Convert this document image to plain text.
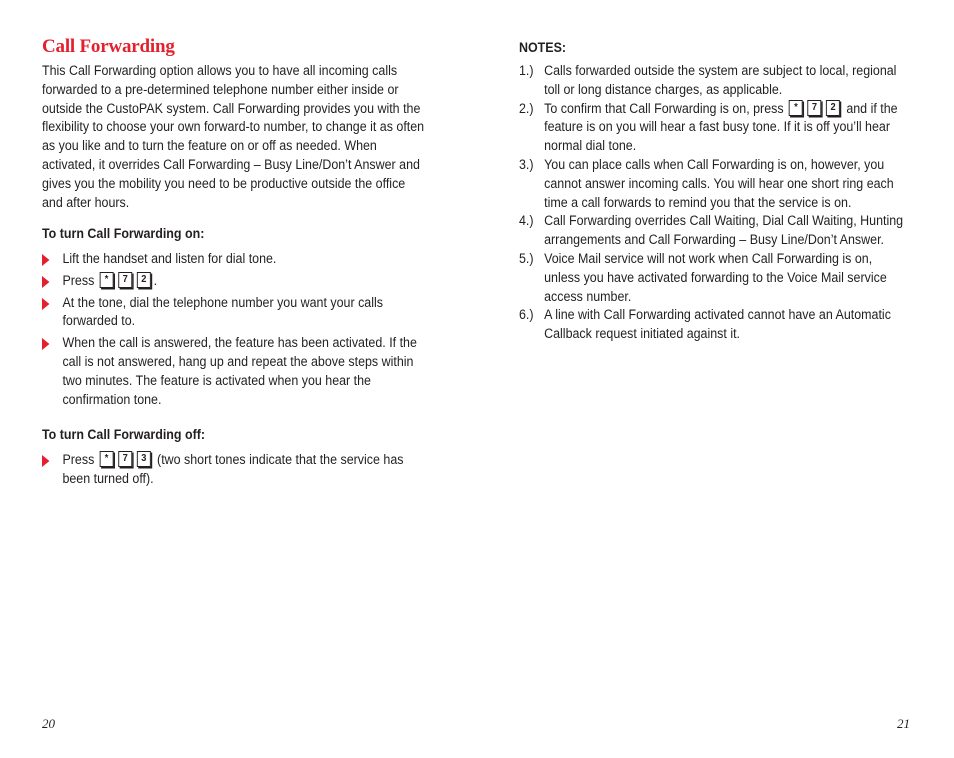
Call Forwarding

This Call Forwarding option allows you to have all incoming calls forwarded to a pre-determined telephone number either inside or outside the CustoPAK system. Call Forwarding provides you with the flexibility to choose your own forward-to number, to change it as often as you like and to turn the feature on or off as needed. When activated, it overrides Call Forwarding – Busy Line/Don’t Answer and gives you the mobility you need to be productive outside the office and after hours.

To turn Call Forwarding on:
Lift the handset and listen for dial tone.
Press * 7 2 .
At the tone, dial the telephone number you want your calls forwarded to.
When the call is answered, the feature has been activated. If the call is not answered, hang up and repeat the above steps within two minutes. The feature is activated when you hear the confirmation tone.
To turn Call Forwarding off:
Press * 7 3 (two short tones indicate that the service has been turned off).

20

NOTES:
1.) Calls forwarded outside the system are subject to local, regional toll or long distance charges, as applicable.
2.) To confirm that Call Forwarding is on, press * 7 2 and if the feature is on you will hear a fast busy tone. If it is off you’ll hear normal dial tone.
3.) You can place calls when Call Forwarding is on, however, you cannot answer incoming calls. You will hear one short ring each time a call forwards to remind you that the service is on.
4.) Call Forwarding overrides Call Waiting, Dial Call Waiting, Hunting arrangements and Call Forwarding – Busy Line/Don’t Answer.
5.) Voice Mail service will not work when Call Forwarding is on, unless you have activated forwarding to the Voice Mail service access number.
6.) A line with Call Forwarding activated cannot have an Automatic Callback request initiated against it.

21
